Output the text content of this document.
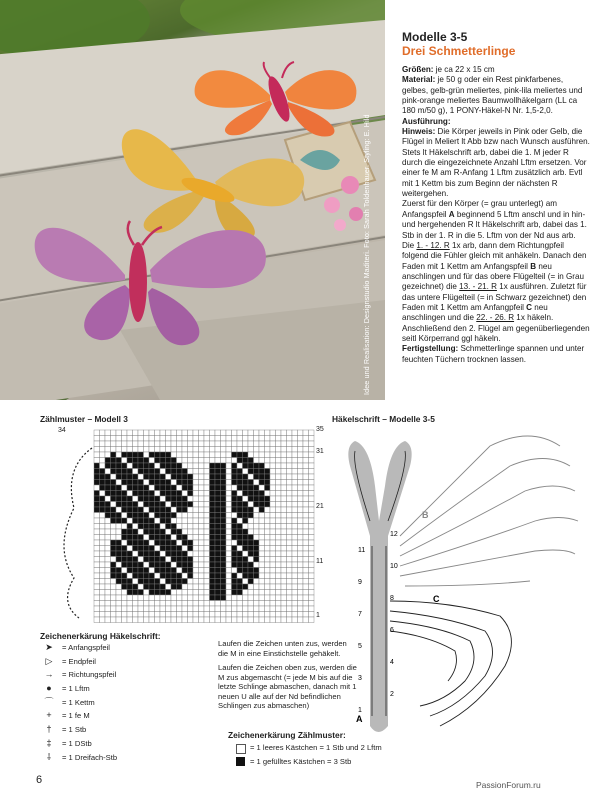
Idee und Realisation: Designstudio Maditeri. Foto: Sarah Toldenhauer. Styling: E. Hild
Modelle 3-5
Drei Schmetterlinge

Größen: je ca 22 x 15 cm

Material: je 50 g oder ein Rest pinkfarbenes, gelbes, gelb-grün meliertes, pink-lila meliertes und pink-orange meliertes Baumwollhäkelgarn (LL ca 180 m/50 g), 1 PONY-Häkel-N Nr. 1,5-2,0.

Ausführung:

Hinweis: Die Körper jeweils in Pink oder Gelb, die Flügel in Meliert lt Abb bzw nach Wunsch ausführen.

Stets lt Häkelschrift arb, dabei die 1. M jeder R durch die eingezeichnete Anzahl Lftm ersetzen. Vor einer fe M am R-Anfang 1 Lftm zusätzlich arb. Evtl mit 1 Kettm bis zum Beginn der nächsten R weitergehen.

Zuerst für den Körper (= grau unterlegt) am Anfangspfeil A beginnend 5 Lftm anschl und in hin- und hergehenden R lt Häkelschrift arb, dabei das 1. Stb in der 1. R in die 5. Lftm von der Nd aus arb. Die 1. - 12. R 1x arb, dann dem Richtungpfeil folgend die Fühler gleich mit anhäkeln. Danach den Faden mit 1 Kettm am Anfangspfeil B neu anschlingen und für das obere Flügelteil (= in Grau gezeichnet) die 13. - 21. R 1x ausführen. Zuletzt für das untere Flügelteil (= in Schwarz gezeichnet) den Faden mit 1 Kettm am Anfangpfeil C neu anschlingen und die 22. - 26. R 1x häkeln. Anschließend den 2. Flügel am gegenüberliegenden seitl Körperrand ggl häkeln.

Fertigstellung: Schmetterlinge spannen und unter feuchten Tüchern trocknen lassen.

Zählmuster – Modell 3
34	35
31
21
11
1
Häkelschrift – Modelle 3-5
12
11
10
9
8
7
6
5
4
3
2
1
A
B
C
Zeichenerkärung Häkelschrift:
➤	= Anfangspfeil
▷	= Endpfeil
→	= Richtungspfeil
●	= 1 Lftm
⌒	= 1 Kettm
+	= 1 fe M
†	= 1 Stb
‡	= 1 DStb
⸸	= 1 Dreifach-Stb
Laufen die Zeichen unten zus, werden die M in eine Einstichstelle gehäkelt.
Laufen die Zeichen oben zus, werden die M zus abgemascht (= jede M bis auf die letzte Schlinge abmaschen, danach mit 1 neuen U alle auf der Nd befindlichen Schlingen zus abmaschen)
Zeichenerkärung Zählmuster:
= 1 leeres Kästchen = 1 Stb und 2 Lftm
= 1 gefülltes Kästchen = 3 Stb
6	PassionForum.ru
